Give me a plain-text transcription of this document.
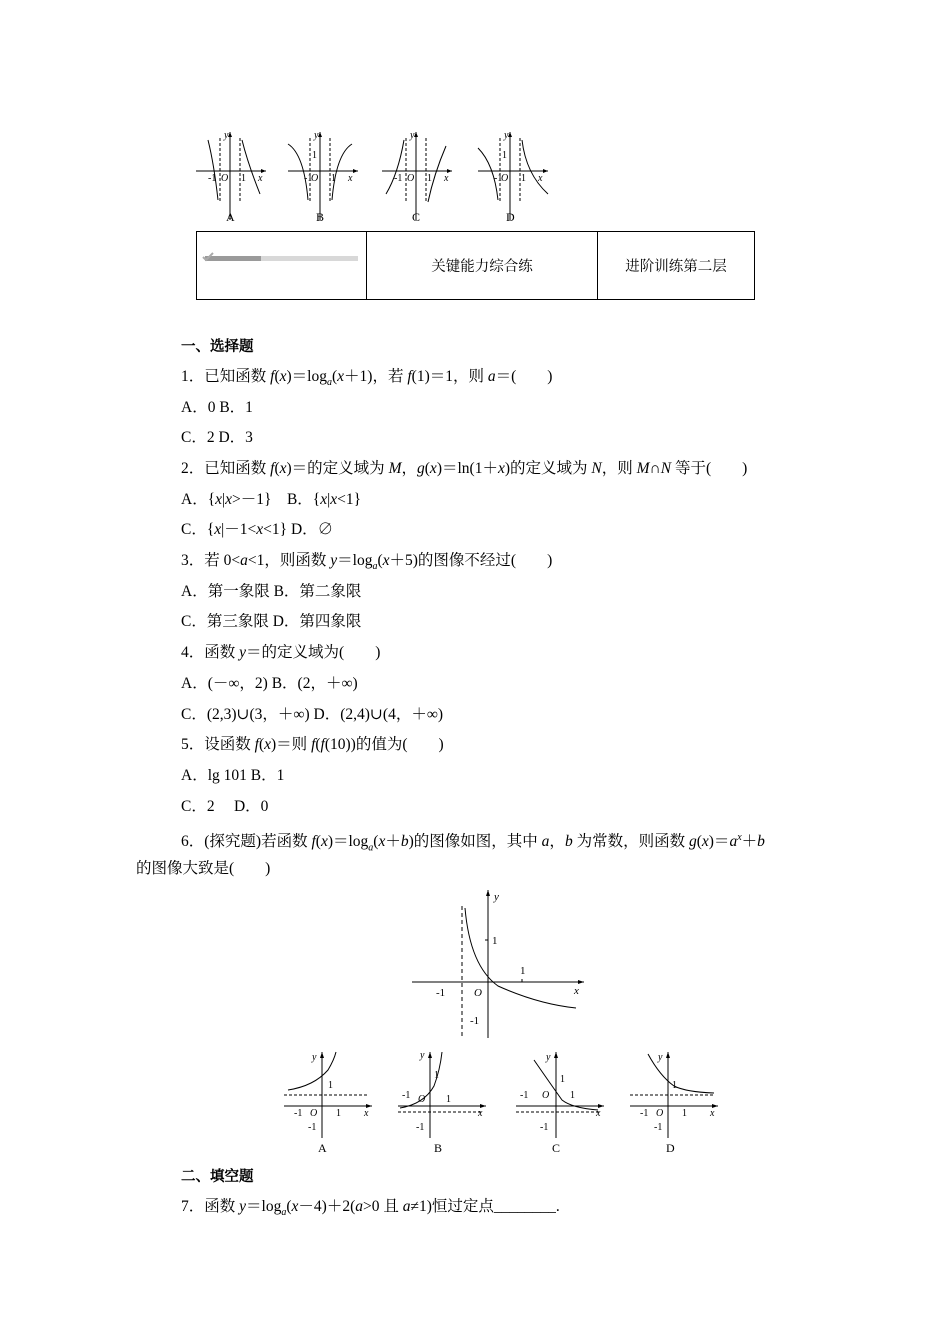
y
x
-1 O 1
A
y
x
1
-1
O 1
B
y
x
-1 O 1
C
y
x
1
-1
O 1
D
	关键能力综合练	进阶训练第二层
一、选择题
1．已知函数 $f(x)=\log_a(x+1)$，若 f(1)＝1，则 a＝(　　)
A．0 B．1
C．2 D．3
2．已知函数 f(x)＝的定义域为 M，g(x)＝ln(1＋x)的定义域为 N，则 M∩N 等于(　　)
A．{x|x>－1}　B．{x|x<1}
C．{x|－1<x<1} D．∅
3．若 0<a<1，则函数 $y=\log_a(x+5)$的图像不经过(　　)
A．第一象限 B．第二象限
C．第三象限 D．第四象限
4．函数 y＝的定义域为(　　)
A．(－∞，2) B．(2，＋∞)
C．(2,3)∪(3，＋∞) D．(2,4)∪(4，＋∞)
5．设函数 f(x)＝则 f(f(10))的值为(　　)
A．lg 101 B．1
C．2　 D．0
6．(探究题)若函数 $f(x)=\log_a(x+b)$的图像如图，其中 a，b 为常数，则函数 $g(x)=a^x+b$
的图像大致是(　　)
y
x
1
1
-1	O
-1
y
x
1
-1 O 1
-1
A
y
x
1
-1 O 1
-1
B
y
x
1
-1 O 1
-1
C
y
x
1
-1 O 1
-1
D
二、填空题
7．函数 $y=\log_a(x-4)+2(a>0$ 且 a≠1)恒过定点________.
